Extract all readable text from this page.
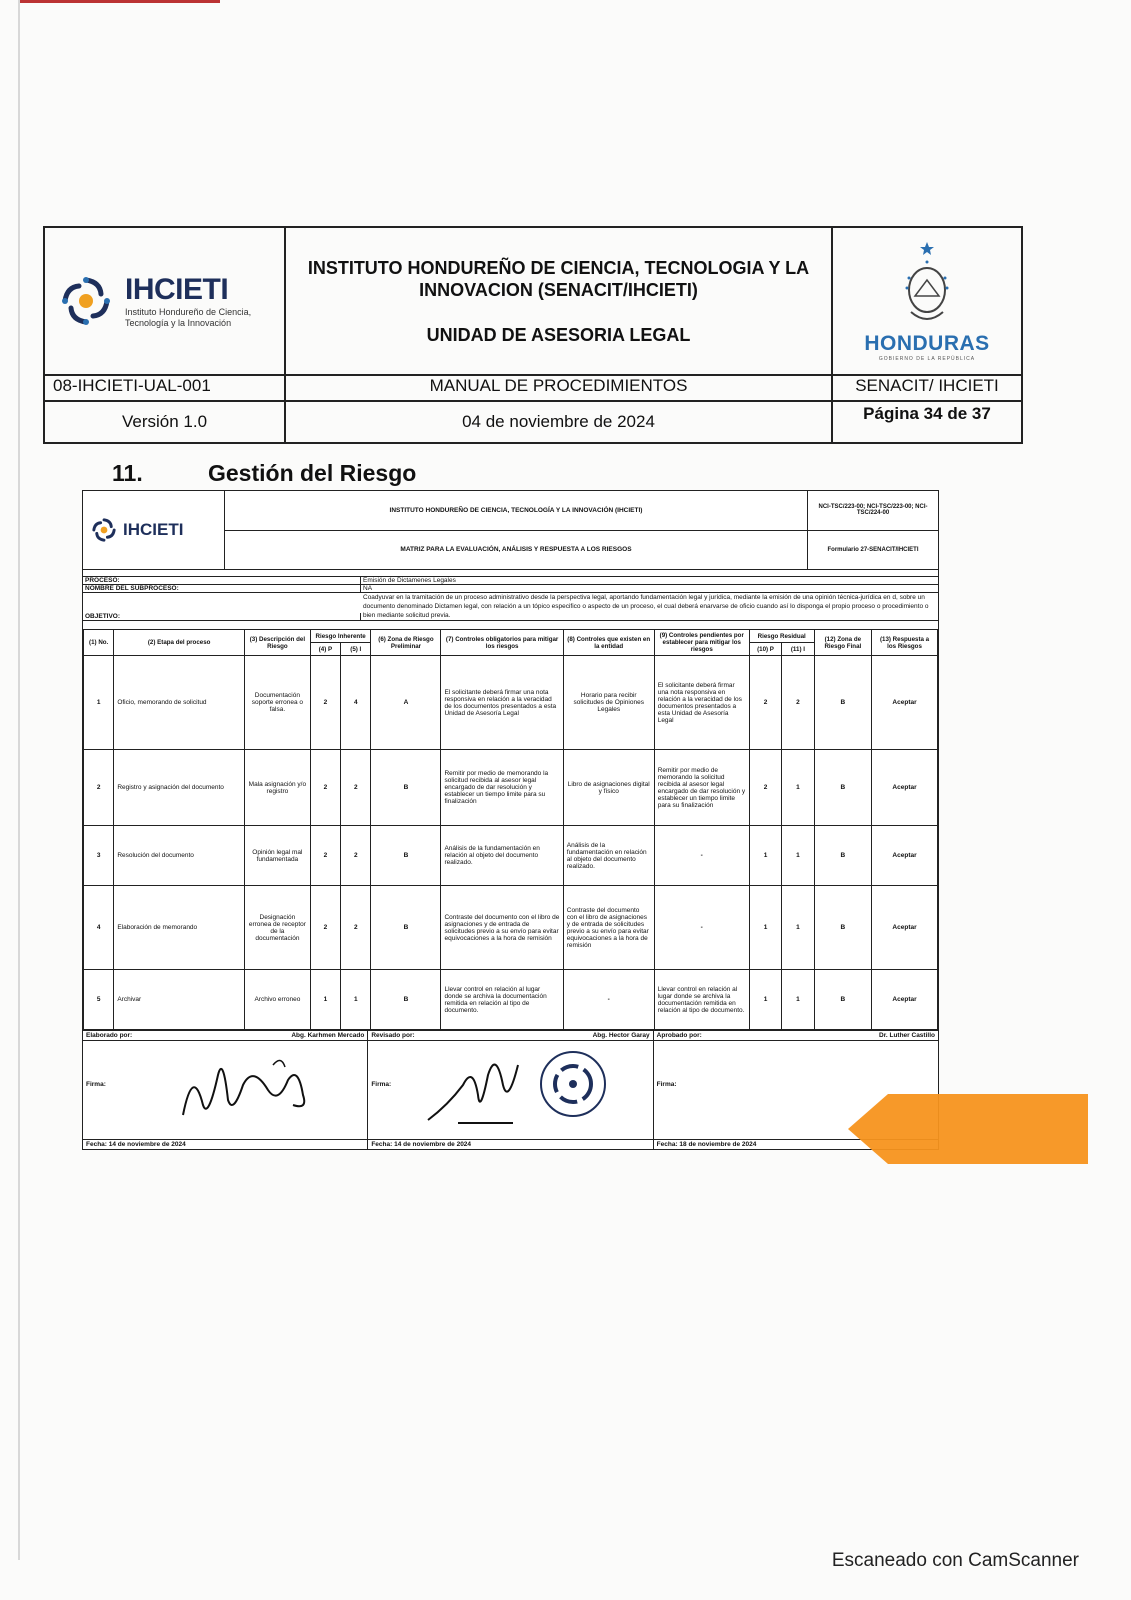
IHCIETI
Instituto Hondureño de Ciencia,
Tecnología y la Innovación
INSTITUTO HONDUREÑO DE CIENCIA, TECNOLOGIA Y LA INNOVACION (SENACIT/IHCIETI)
UNIDAD DE ASESORIA LEGAL	HONDURAS
GOBIERNO DE LA REPÚBLICA
08-IHCIETI-UAL-001	MANUAL DE PROCEDIMIENTOS	SENACIT/ IHCIETI
Versión 1.0	04 de noviembre de 2024	Página 34 de 37
11.	Gestión del Riesgo
IHCIETI
INSTITUTO HONDUREÑO DE CIENCIA, TECNOLOGÍA Y LA INNOVACIÓN (IHCIETI)
MATRIZ PARA LA EVALUACIÓN, ANÁLISIS Y RESPUESTA A LOS RIESGOS
NCI-TSC/223-00; NCI-TSC/223-00; NCI-TSC/224-00
Formulario 27-SENACIT/IHCIETI
PROCESO:	Emisión de Dictamenes Legales
NOMBRE DEL SUBPROCESO:	NA
OBJETIVO:
Coadyuvar en la tramitación de un proceso administrativo desde la perspectiva legal, aportando fundamentación legal y jurídica, mediante la emisión de una opinión técnica-jurídica en d, sobre un documento denominado Dictamen legal, con relación a un tópico especifico o aspecto de un proceso, el cual deberá enarvarse de oficio cuando así lo disponga el propio proceso o procedimiento o bien mediante solicitud previa.
(1) No.	(2) Etapa del proceso	(3) Descripción del Riesgo	Riesgo Inherente		(6) Zona de Riesgo Preliminar	(7) Controles obligatorios para mitigar los riesgos	(8) Controles que existen en la entidad	(9) Controles pendientes por establecer para mitigar los riesgos	Riesgo Residual		(12) Zona de Riesgo Final	(13) Respuesta a los Riesgos
			(4) P	(5) I					(10) P	(11) I		
1	Oficio, memorando de solicitud	Documentación soporte erronea o falsa.	2	4	A	El solicitante deberá firmar una nota responsiva en relación a la veracidad de los documentos presentados a esta Unidad de Asesoría Legal	Horario para recibir solicitudes de Opiniones Legales	El solicitante deberá firmar una nota responsiva en relación a la veracidad de los documentos presentados a esta Unidad de Asesoría Legal	2	2	B	Aceptar
2	Registro y asignación del documento	Mala asignación y/o registro	2	2	B	Remitir por medio de memorando la solicitud recibida al asesor legal encargado de dar resolución y establecer un tiempo limite para su finalización	Libro de asignaciones digital y físico	Remitir por medio de memorando la solicitud recibida al asesor legal encargado de dar resolución y establecer un tiempo limite para su finalización	2	1	B	Aceptar
3	Resolución del documento	Opinión legal mal fundamentada	2	2	B	Análisis de la fundamentación en relación al objeto del documento realizado.	Análisis de la fundamentación en relación al objeto del documento realizado.	-	1	1	B	Aceptar
4	Elaboración de memorando	Designación erronea de receptor de la documentación	2	2	B	Contraste del documento con el libro de asignaciones y de entrada de solicitudes previo a su envío para evitar equivocaciones a la hora de remisión	Contraste del documento con el libro de asignaciones y de entrada de solicitudes previo a su envío para evitar equivocaciones a la hora de remisión	-	1	1	B	Aceptar
5	Archivar	Archivo erroneo	1	1	B	Llevar control en relación al lugar donde se archiva la documentación remitida en relación al tipo de documento.	-	Llevar control en relación al lugar donde se archiva la documentación remitida en relación al tipo de documento.	1	1	B	Aceptar
Elaborado por:	Abg. Karhmen Mercado
Firma:
Fecha: 14 de noviembre de 2024
Revisado por:	Abg. Hector Garay
Firma:
Fecha: 14 de noviembre de 2024
Aprobado por:	Dr. Luther Castillo
Firma:
Fecha: 18 de noviembre de 2024
Escaneado con CamScanner
